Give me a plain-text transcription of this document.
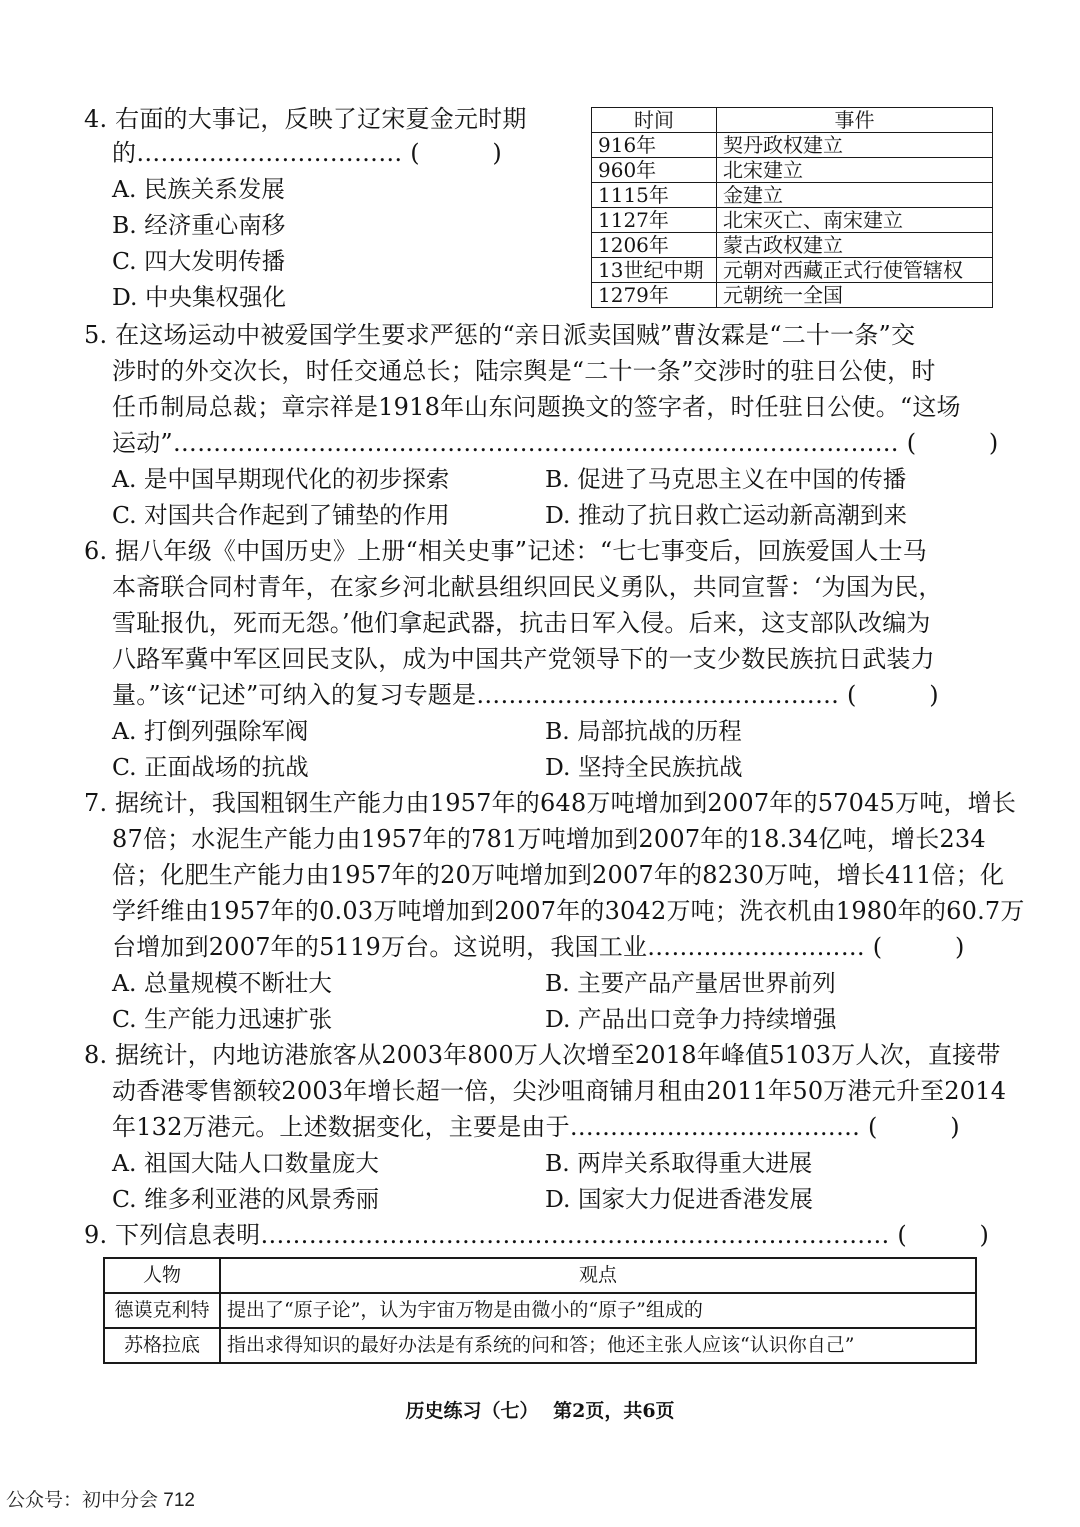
4. 右面的大事记，反映了辽宋夏金元时期
的…………………………… (　　　)
A. 民族关系发展
B. 经济重心南移
C. 四大发明传播
D. 中央集权强化
时间	事件
916年	契丹政权建立
960年	北宋建立
1115年	金建立
1127年	北宋灭亡、南宋建立
1206年	蒙古政权建立
13世纪中期	元朝对西藏正式行使管辖权
1279年	元朝统一全国
5. 在这场运动中被爱国学生要求严惩的“亲日派卖国贼”曹汝霖是“二十一条”交
涉时的外交次长，时任交通总长；陆宗舆是“二十一条”交涉时的驻日公使，时
任币制局总裁；章宗祥是1918年山东问题换文的签字者，时任驻日公使。“这场
运动”……………………………………………………………………………… (　　　)
A. 是中国早期现代化的初步探索	B. 促进了马克思主义在中国的传播
C. 对国共合作起到了铺垫的作用	D. 推动了抗日救亡运动新高潮到来
6. 据八年级《中国历史》上册“相关史事”记述：“七七事变后，回族爱国人士马
本斋联合同村青年，在家乡河北献县组织回民义勇队，共同宣誓：‘为国为民，
雪耻报仇，死而无怨。’他们拿起武器，抗击日军入侵。后来，这支部队改编为
八路军冀中军区回民支队，成为中国共产党领导下的一支少数民族抗日武装力
量。”该“记述”可纳入的复习专题是……………………………………… (　　　)
A. 打倒列强除军阀	B. 局部抗战的历程
C. 正面战场的抗战	D. 坚持全民族抗战
7. 据统计，我国粗钢生产能力由1957年的648万吨增加到2007年的57045万吨，增长
87倍；水泥生产能力由1957年的781万吨增加到2007年的18.34亿吨，增长234
倍；化肥生产能力由1957年的20万吨增加到2007年的8230万吨，增长411倍；化
学纤维由1957年的0.03万吨增加到2007年的3042万吨；洗衣机由1980年的60.7万
台增加到2007年的5119万台。这说明，我国工业……………………… (　　　)
A. 总量规模不断壮大	B. 主要产品产量居世界前列
C. 生产能力迅速扩张	D. 产品出口竞争力持续增强
8. 据统计，内地访港旅客从2003年800万人次增至2018年峰值5103万人次，直接带
动香港零售额较2003年增长超一倍，尖沙咀商铺月租由2011年50万港元升至2014
年132万港元。上述数据变化，主要是由于……………………………… (　　　)
A. 祖国大陆人口数量庞大	B. 两岸关系取得重大进展
C. 维多利亚港的风景秀丽	D. 国家大力促进香港发展
9. 下列信息表明…………………………………………………………………… (　　　)
人物	观点
德谟克利特	提出了“原子论”，认为宇宙万物是由微小的“原子”组成的
苏格拉底	指出求得知识的最好办法是有系统的问和答；他还主张人应该“认识你自己”
历史练习（七） 第2页，共6页
公众号：初中分会 712
